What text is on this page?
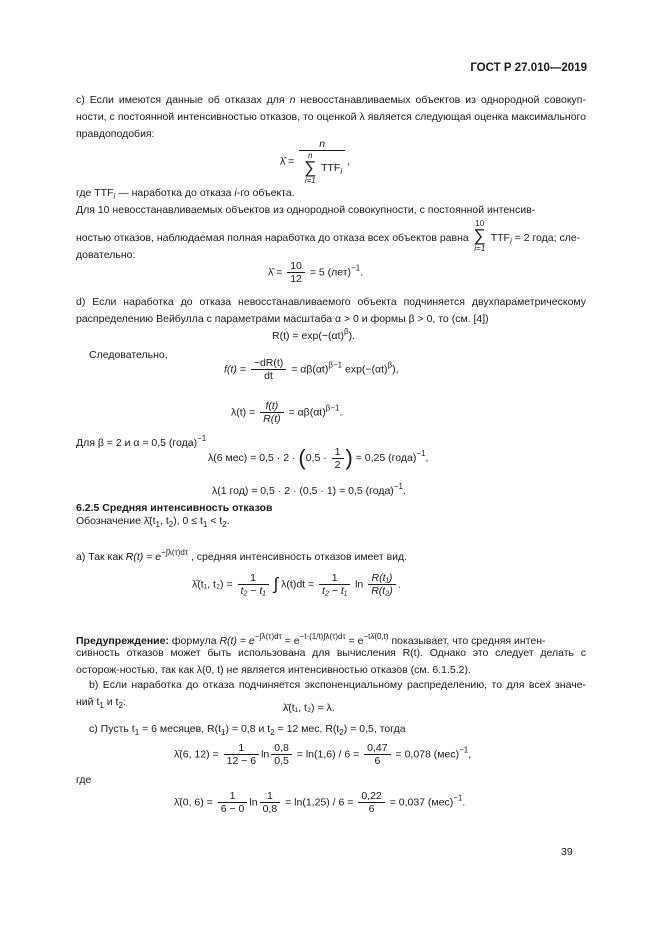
ГОСТ Р 27.010—2019
c) Если имеются данные об отказах для n невосстанавливаемых объектов из однородной совокуп-ности, с постоянной интенсивностью отказов, то оценкой λ является следующая оценка максимального правдоподобия:
λ̂ = n
n
∑
i=1 $TTF_i$ ,
где $TTF_i$ — наработка до отказа i-го объекта.
Для 10 невосстанавливаемых объектов из однородной совокупности, с постоянной интенсив-
ностью отказов, наблюдаемая полная наработка до отказа всех объектов равна 10
∑
i=1 $TTF_i = 2$ года; сле-
довательно:
λ̂ = $\frac{10}{12} = 5$ (лет)$^{-1}$.
d) Если наработка до отказа невосстанавливаемого объекта подчиняется двухпараметрическому распределению Вейбулла с параметрами масштаба α > 0 и формы β > 0, то (см. [4])
$R(t) = \exp(-(\alpha t)^\beta)$.
Следовательно,
$f(t) = \frac{-dR(t)}{dt} = \alpha\beta(\alpha t)^{\beta-1}$ $\exp(-(\alpha t)^\beta)$,
$\lambda(t) = \frac{f(t)}{R(t)} = \alpha\beta(\alpha t)^{\beta-1}$.
Для β = 2 и α = 0,5 (года)$^{-1}$
λ(6 $мес) = 0,5 \cdot 2 \cdot (0,5 \cdot \frac{1}{2}$ ) = 0,25 (года)$^{-1}$,
λ(1 год) = 0,5 · 2 · (0,5 · 1) = 0,5 (года)$^{-1}$.
6.2.5 Средняя интенсивность отказов
Обозначение $\lambdā(t_1$, $t_2$), $0 \le t_1 < t_2$.
a) Так как $R(t) = e^{-\int\lambda(\tau)d\tau}$ , средняя интенсивность отказов имеет вид.
λ̄(t₁, $t_2) = \frac{1}{\text{t₂ − t₁}}$ ∫ $\lambda(t)dt = \frac{1}{\text{t₂ − t₁}}$ $\ln \frac{\text{R(t₁)}}{\text{R(t₂)}}$ .
Предупреждение: формула $R(t) = e^{-\int\lambda(\tau)d\tau} = e^{-t\cdot(1/t)\int\lambda(\tau)d\tau} = e^{-t\lambdā(0,t)}$ показывает, что средняя интен-
сивность отказов может быть использована для вычисления R(t). Однако это следует делать с осторож-ностью, так как λ(0, t) не является интенсивностью отказов (см. 6.1.5.2).
b) Если наработка до отказа подчиняется экспоненциальному распределению, то для всех значе-ний $t_1$ и $t_2$:	λ̄(t₁, t₂) = λ.
c) Пусть $t_1 = 6$ месяцев, $R(t_1) = 0,8$ и $t_2 = 12$ мес, $R(t_2) = 0,5$, тогда
λ̄(6, $12) = \frac{1}{12 - 6}$ $\ln \frac{0,8}{0,5} = \ln(1,6) / 6 = \frac{0,47}{6} = 0,078$ (мес)$^{-1}$,
где
λ̄(0, $6) = \frac{1}{6 - 0}$ $\ln \frac{1}{0,8} = \ln(1,25) / 6 = \frac{0,22}{6} = 0,037$ (мес)$^{-1}$.
39
